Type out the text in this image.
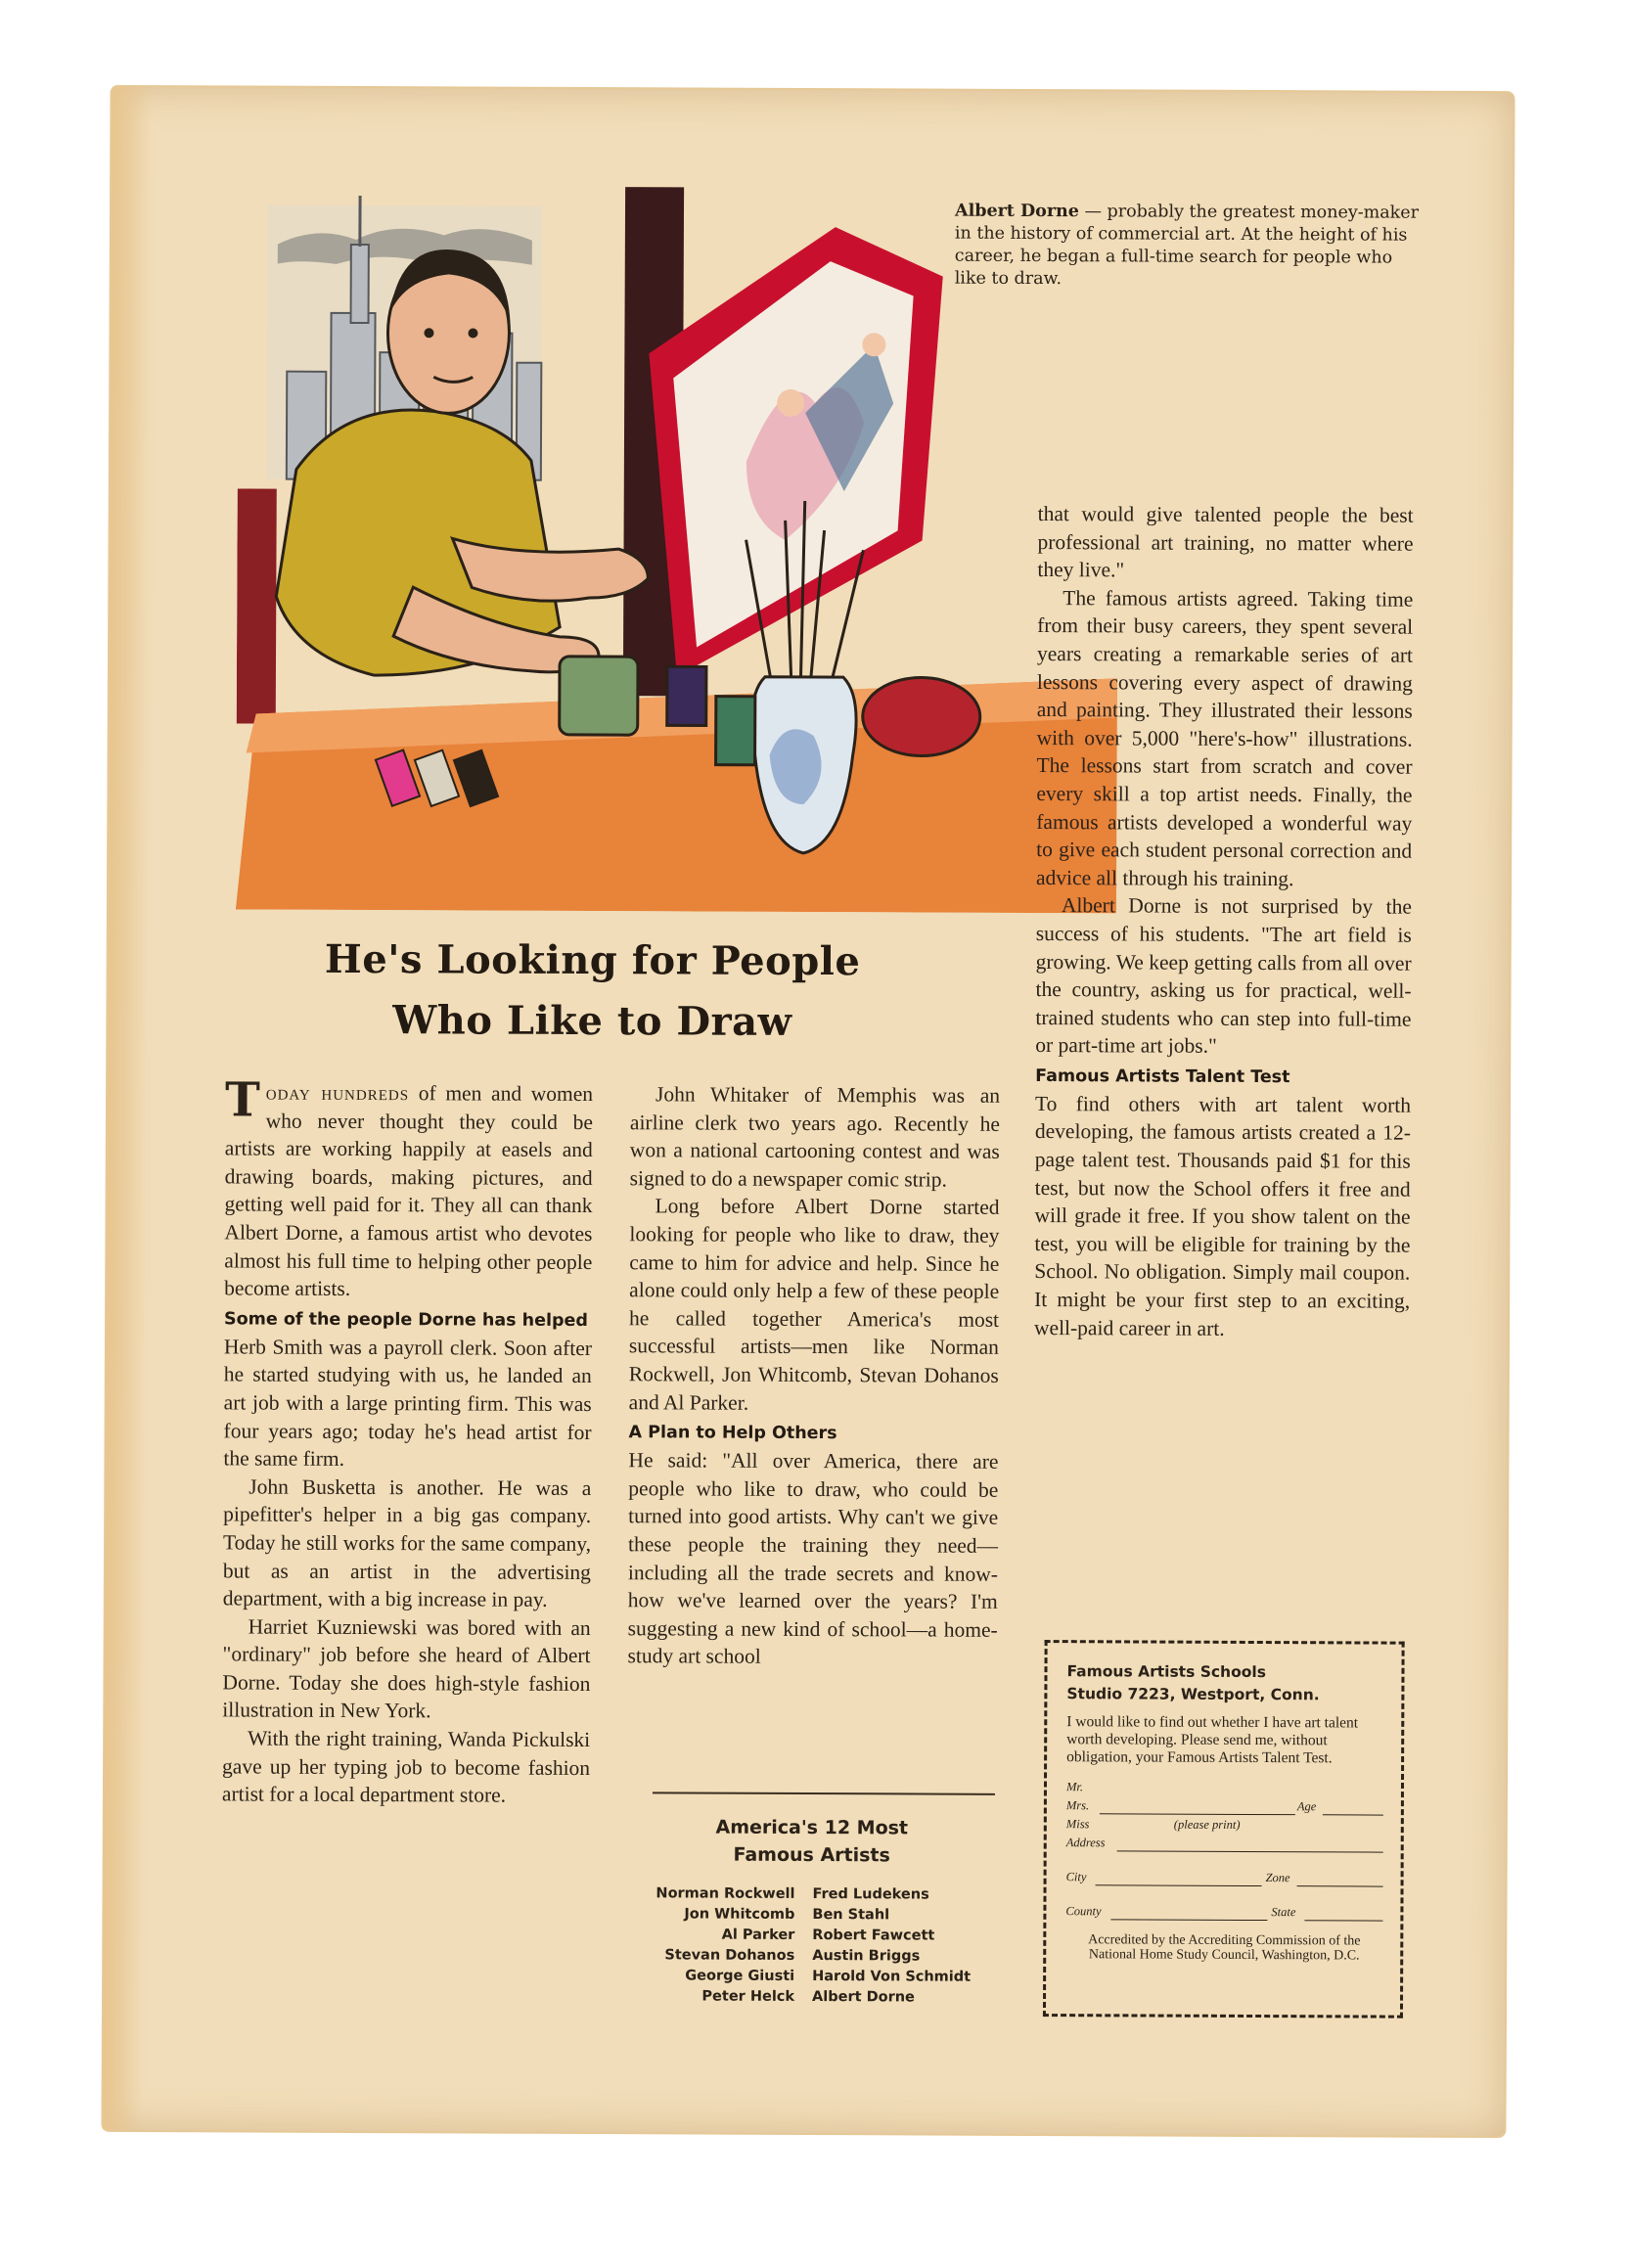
Albert Dorne — probably the greatest money-maker in the history of commercial art. At the height of his career, he began a full-time search for people who like to draw.
He's Looking for People
Who Like to Draw

Today hundreds of men and women who never thought they could be artists are working happily at easels and drawing boards, making pictures, and getting well paid for it. They all can thank Albert Dorne, a famous artist who devotes almost his full time to helping other people become artists.

Some of the people Dorne has helped

Herb Smith was a payroll clerk. Soon after he started studying with us, he landed an art job with a large printing firm. This was four years ago; today he's head artist for the same firm.

John Busketta is another. He was a pipefitter's helper in a big gas company. Today he still works for the same company, but as an artist in the advertising department, with a big increase in pay.

Harriet Kuzniewski was bored with an "ordinary" job before she heard of Albert Dorne. Today she does high-style fashion illustration in New York.

With the right training, Wanda Pickulski gave up her typing job to become fashion artist for a local department store.

John Whitaker of Memphis was an airline clerk two years ago. Recently he won a national cartooning contest and was signed to do a newspaper comic strip.

Long before Albert Dorne started looking for people who like to draw, they came to him for advice and help. Since he alone could only help a few of these people he called together America's most successful artists—men like Norman Rockwell, Jon Whitcomb, Stevan Dohanos and Al Parker.

A Plan to Help Others

He said: "All over America, there are people who like to draw, who could be turned into good artists. Why can't we give these people the training they need—including all the trade secrets and know-how we've learned over the years? I'm suggesting a new kind of school—a home-study art school

America's 12 Most
Famous Artists
Norman Rockwell	Fred Ludekens
Jon Whitcomb	Ben Stahl
Al Parker	Robert Fawcett
Stevan Dohanos	Austin Briggs
George Giusti	Harold Von Schmidt
Peter Helck	Albert Dorne

that would give talented people the best professional art training, no matter where they live."

The famous artists agreed. Taking time from their busy careers, they spent several years creating a remarkable series of art lessons covering every aspect of drawing and painting. They illustrated their lessons with over 5,000 "here's-how" illustrations. The lessons start from scratch and cover every skill a top artist needs. Finally, the famous artists developed a wonderful way to give each student personal correction and advice all through his training.

Albert Dorne is not surprised by the success of his students. "The art field is growing. We keep getting calls from all over the country, asking us for practical, well-trained students who can step into full-time or part-time art jobs."

Famous Artists Talent Test

To find others with art talent worth developing, the famous artists created a 12-page talent test. Thousands paid $1 for this test, but now the School offers it free and will grade it free. If you show talent on the test, you will be eligible for training by the School. No obligation. Simply mail coupon. It might be your first step to an exciting, well-paid career in art.

Famous Artists Schools
Studio 7223, Westport, Conn.
I would like to find out whether I have art talent worth developing. Please send me, without obligation, your Famous Artists Talent Test.
Mr.
Mrs.	Age
Miss	(please print)
Address
City	Zone
County	State
Accredited by the Accrediting Commission of the National Home Study Council, Washington, D.C.
